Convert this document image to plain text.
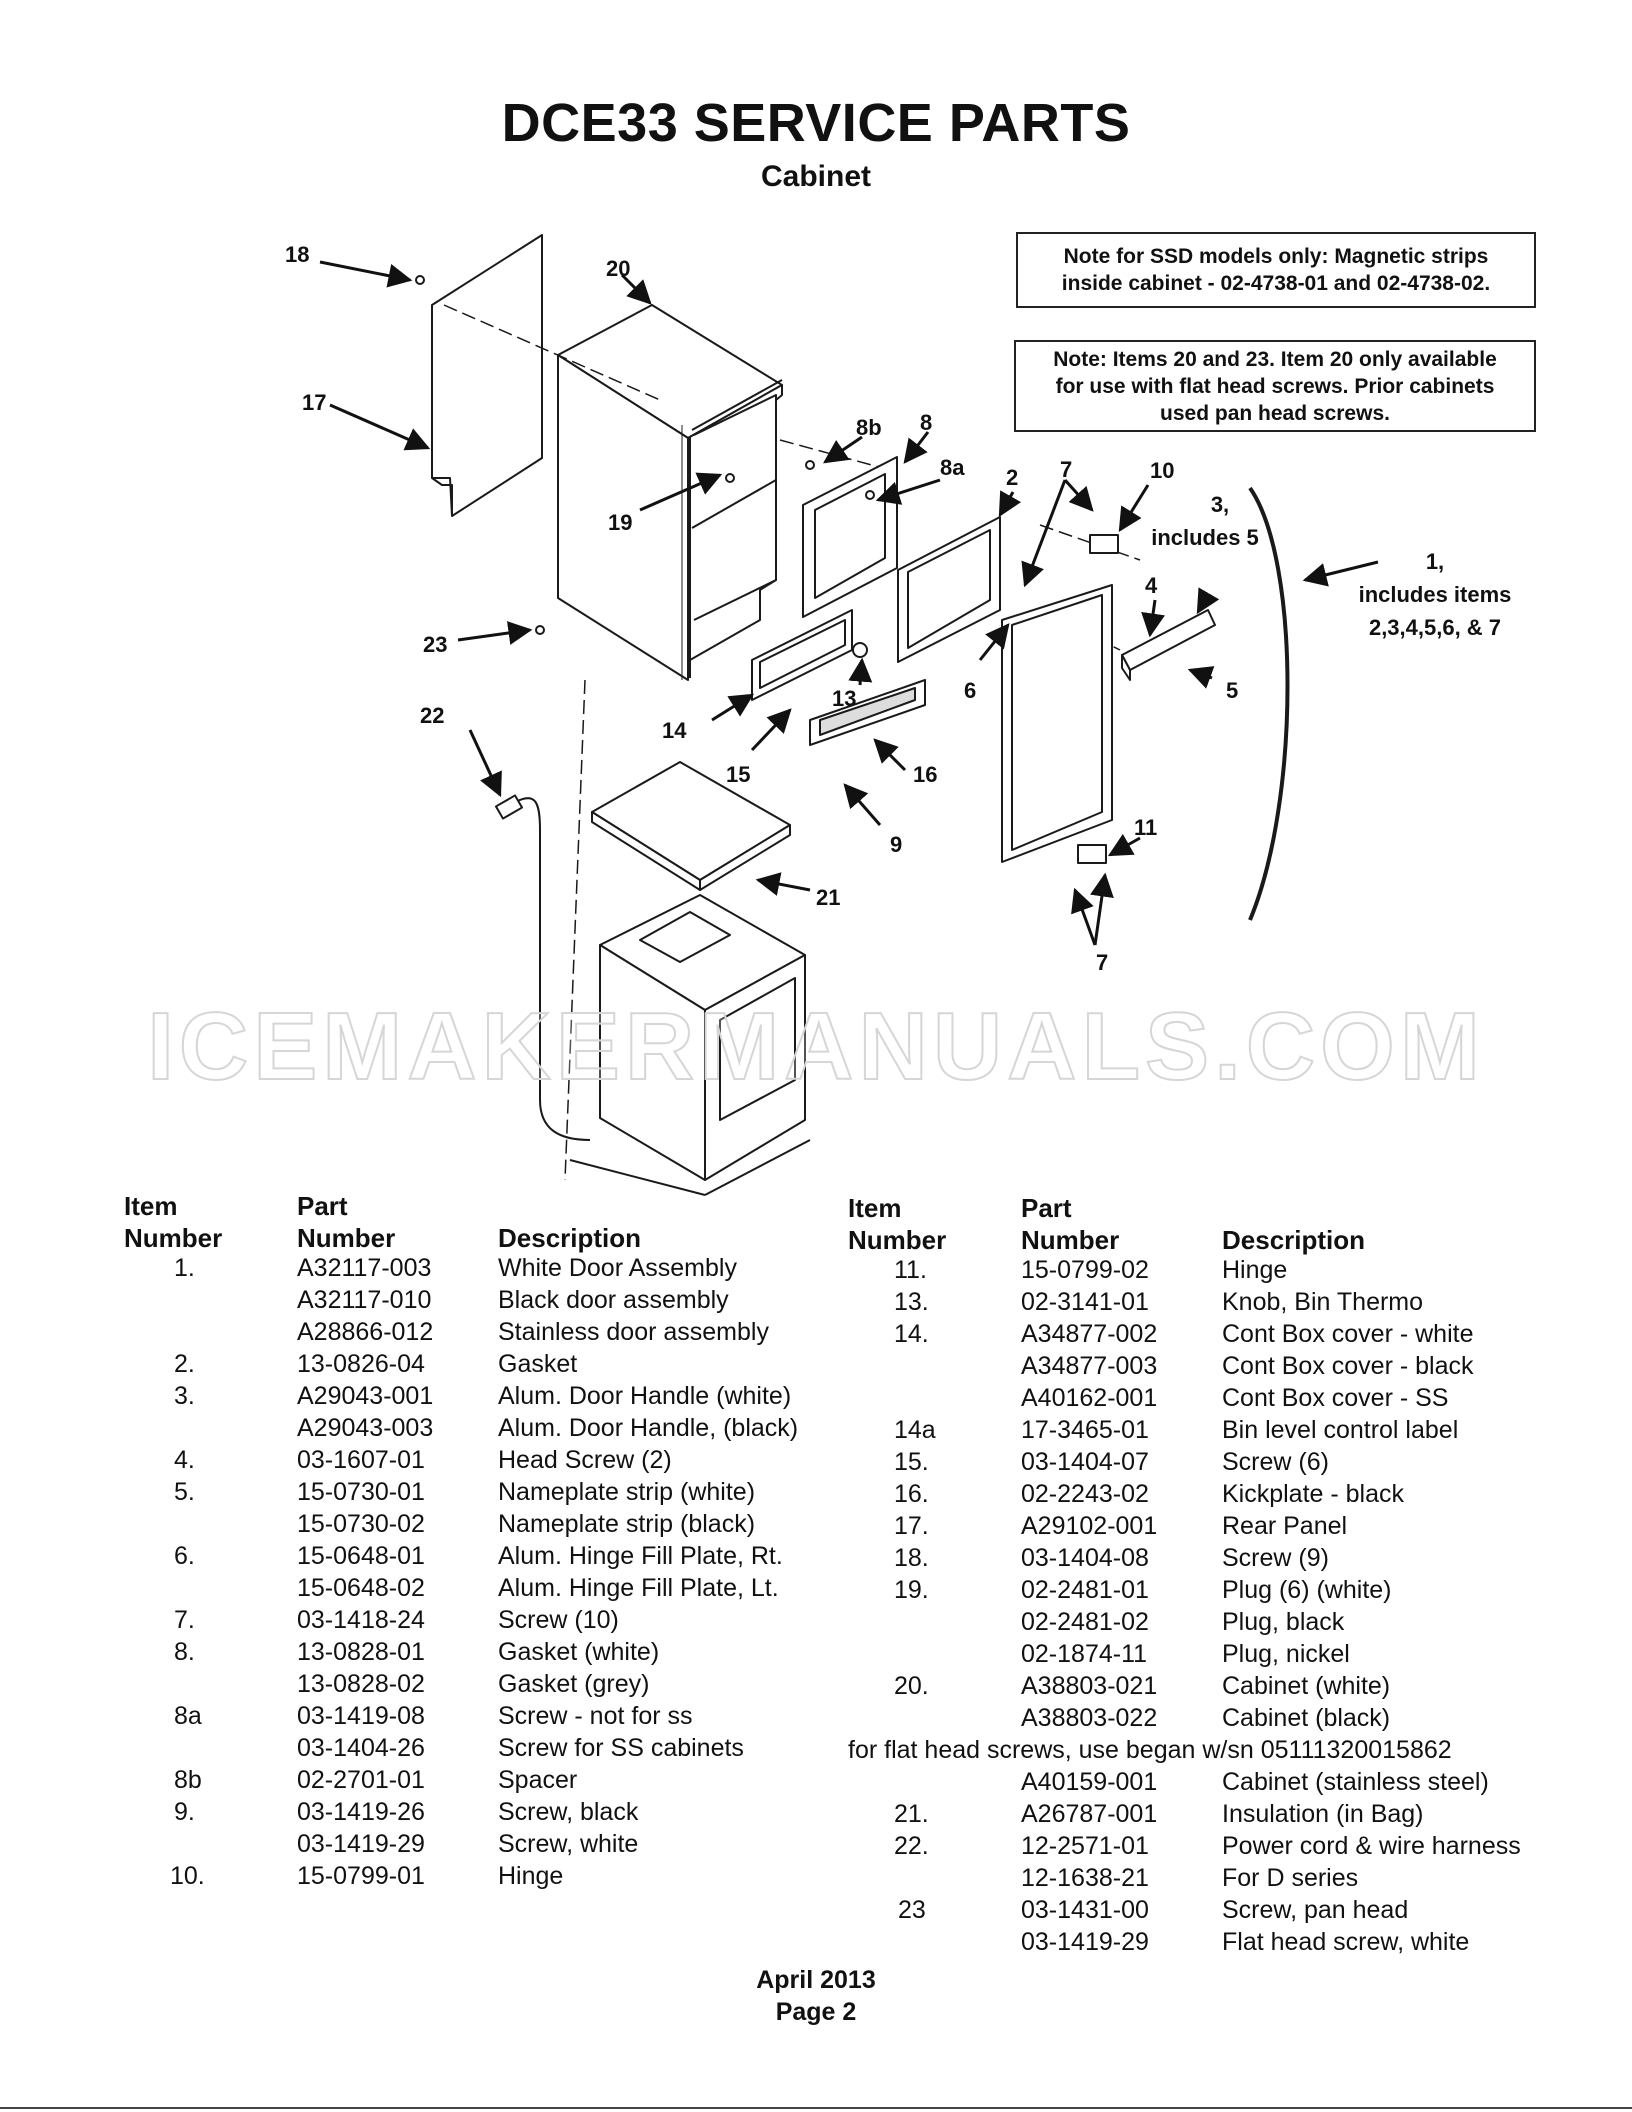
DCE33 SERVICE PARTS
Cabinet
Note for SSD models only: Magnetic strips
inside cabinet - 02-4738-01 and 02-4738-02.
Note: Items 20 and 23. Item 20 only available
for use with flat head screws. Prior cabinets
used pan head screws.
18
20
17
19
23
22
8b 8
8a 2 7	10
3,
includes 5
1,
includes items
2,3,4,5,6, & 7
4
5
6
13
14
15	16
9
21
11
7
ICEMAKERMANUALS.COM
Item
Number
Part
Number	Description
1.	A32117-003	White Door Assembly
A32117-010	Black door assembly
A28866-012	Stainless door assembly
2.	13-0826-04	Gasket
3.	A29043-001	Alum. Door Handle (white)
A29043-003	Alum. Door Handle, (black)
4.	03-1607-01	Head Screw (2)
5.	15-0730-01	Nameplate strip (white)
15-0730-02	Nameplate strip (black)
6.	15-0648-01	Alum. Hinge Fill Plate, Rt.
15-0648-02	Alum. Hinge Fill Plate, Lt.
7.	03-1418-24	Screw (10)
8.	13-0828-01	Gasket (white)
13-0828-02	Gasket (grey)
8a	03-1419-08	Screw - not for ss
03-1404-26	Screw for SS cabinets
8b	02-2701-01	Spacer
9.	03-1419-26	Screw, black
03-1419-29	Screw, white
10.	15-0799-01	Hinge
Item
Number
Part
Number	Description
11.	15-0799-02	Hinge
13.	02-3141-01	Knob, Bin Thermo
14.	A34877-002	Cont Box cover - white
A34877-003	Cont Box cover - black
A40162-001	Cont Box cover - SS
14a	17-3465-01	Bin level control label
15.	03-1404-07	Screw (6)
16.	02-2243-02	Kickplate - black
17.	A29102-001	Rear Panel
18.	03-1404-08	Screw (9)
19.	02-2481-01	Plug (6) (white)
02-2481-02	Plug, black
02-1874-11	Plug, nickel
20.	A38803-021	Cabinet (white)
A38803-022	Cabinet (black)
for flat head screws, use began w/sn 05111320015862
A40159-001	Cabinet (stainless steel)
21.	A26787-001	Insulation (in Bag)
22.	12-2571-01	Power cord & wire harness
12-1638-21	For D series
23	03-1431-00	Screw, pan head
03-1419-29	Flat head screw, white
April 2013
Page 2
